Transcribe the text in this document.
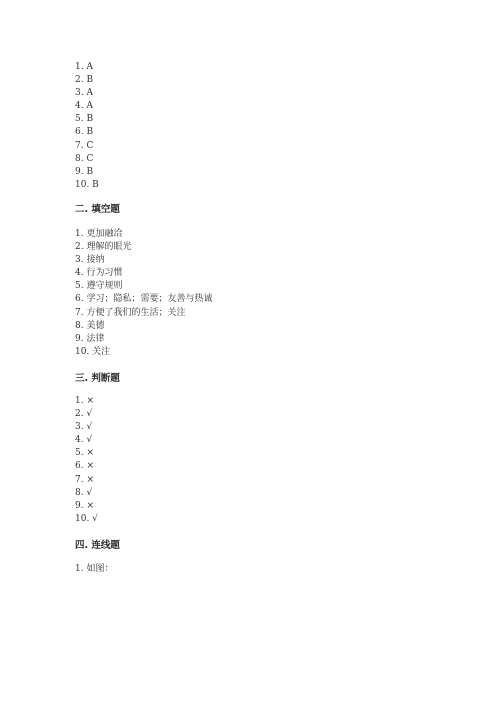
1. A
2. B
3. A
4. A
5. B
6. B
7. C
8. C
9. B
10. B
二. 填空题
1. 更加融洽
2. 理解的眼光
3. 接纳
4. 行为习惯
5. 遵守规则
6. 学习；隐私；需要；友善与热诚
7. 方便了我们的生活；关注
8. 美德
9. 法律
10. 关注
三. 判断题
1. ×
2. √
3. √
4. √
5. ×
6. ×
7. ×
8. √
9. ×
10. √
四. 连线题
1. 如图：
